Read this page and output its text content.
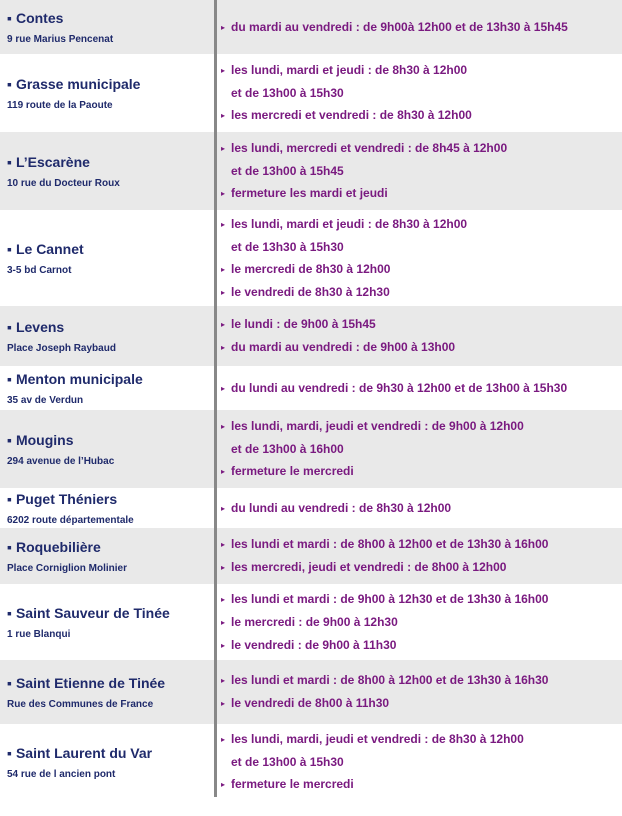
▪ Contes
9 rue Marius Pencenat
▸ du mardi au vendredi : de 9h00à 12h00 et de 13h30 à 15h45
▪ Grasse municipale
119 route de la Paoute
▸ les lundi, mardi et jeudi : de 8h30 à 12h00
et de 13h00 à 15h30
▸ les mercredi et vendredi : de 8h30 à 12h00
▪ L’Escarène
10 rue du Docteur Roux
▸ les lundi, mercredi et vendredi : de 8h45 à 12h00
et de 13h00 à 15h45
▸ fermeture les mardi et jeudi
▪ Le Cannet
3-5 bd Carnot
▸ les lundi, mardi et jeudi : de 8h30 à 12h00
et de 13h30 à 15h30
▸ le mercredi de 8h30 à 12h00
▸ le vendredi de 8h30 à 12h30
▪ Levens
Place Joseph Raybaud
▸ le lundi : de 9h00 à 15h45
▸ du mardi au vendredi : de 9h00 à 13h00
▪ Menton municipale
35 av de Verdun
▸ du lundi au vendredi : de 9h30 à 12h00 et de 13h00 à 15h30
▪ Mougins
294 avenue de l’Hubac
▸ les lundi, mardi, jeudi et vendredi : de 9h00 à 12h00
et de 13h00 à 16h00
▸ fermeture le mercredi
▪ Puget Théniers
6202 route départementale
▸ du lundi au vendredi : de 8h30 à 12h00
▪ Roquebilière
Place Corniglion Molinier
▸ les lundi et mardi : de 8h00 à 12h00 et de 13h30 à 16h00
▸ les mercredi, jeudi et vendredi : de 8h00 à 12h00
▪ Saint Sauveur de Tinée
1 rue Blanqui
▸ les lundi et mardi : de 9h00 à 12h30 et de 13h30 à 16h00
▸ le mercredi : de 9h00 à 12h30
▸ le vendredi : de 9h00 à 11h30
▪ Saint Etienne de Tinée
Rue des Communes de France
▸ les lundi et mardi : de 8h00 à 12h00 et de 13h30 à 16h30
▸ le vendredi de 8h00 à 11h30
▪ Saint Laurent du Var
54 rue de l ancien pont
▸ les lundi, mardi, jeudi et vendredi : de 8h30 à 12h00
et de 13h00 à 15h30
▸ fermeture le mercredi
